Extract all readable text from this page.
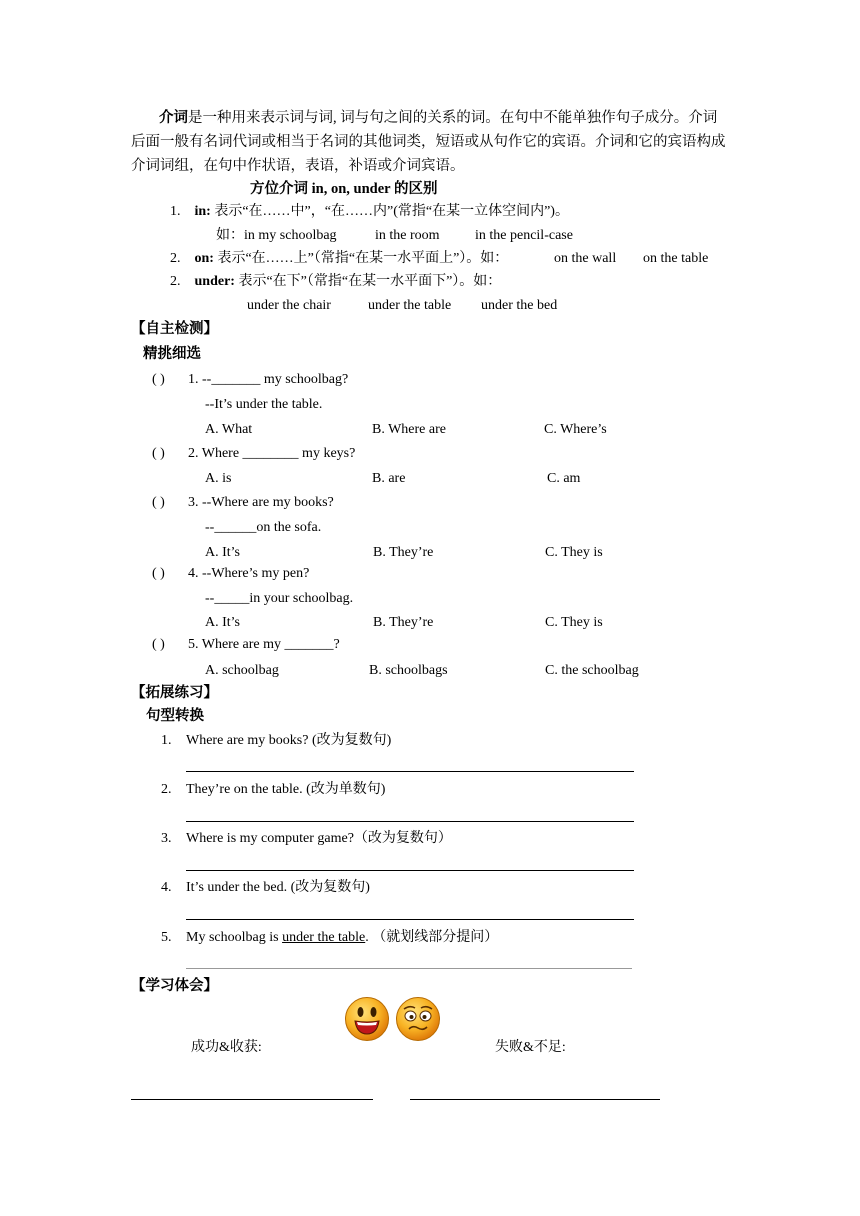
介词是一种用来表示词与词, 词与句之间的关系的词。在句中不能单独作句子成分。介词后面一般有名词代词或相当于名词的其他词类，短语或从句作它的宾语。介词和它的宾语构成介词词组，在句中作状语，表语，补语或介词宾语。
方位介词 in, on, under 的区别
1. in: 表示“在……中”，“在……内”(常指“在某一立体空间内”)。
如： in my schoolbag	in the room	in the pencil-case
2. on: 表示“在……上”（常指“在某一水平面上”）。如：	on the wall on the table
2. under: 表示“在下”（常指“在某一水平面下”）。如：
under the chair	under the table under the bed
【自主检测】
精挑细选
( ) 1. --_______ my schoolbag?
--It’s under the table.
A. What	B. Where are	C. Where’s
( ) 2. Where ________ my keys?
A. is	B. are	C. am
( ) 3. --Where are my books?
--______on the sofa.
A. It’s	B. They’re	C. They is
( ) 4. --Where’s my pen?
--_____in your schoolbag.
A. It’s	B. They’re	C. They is
( ) 5. Where are my _______?
A. schoolbag	B. schoolbags	C. the schoolbag
【拓展练习】
句型转换
1. Where are my books? (改为复数句)
2. They’re on the table. (改为单数句)
3. Where is my computer game?（改为复数句）
4. It’s under the bed. (改为复数句)
5. My schoolbag is under the table. （就划线部分提问）
【学习体会】
成功&收获:	失败&不足:
